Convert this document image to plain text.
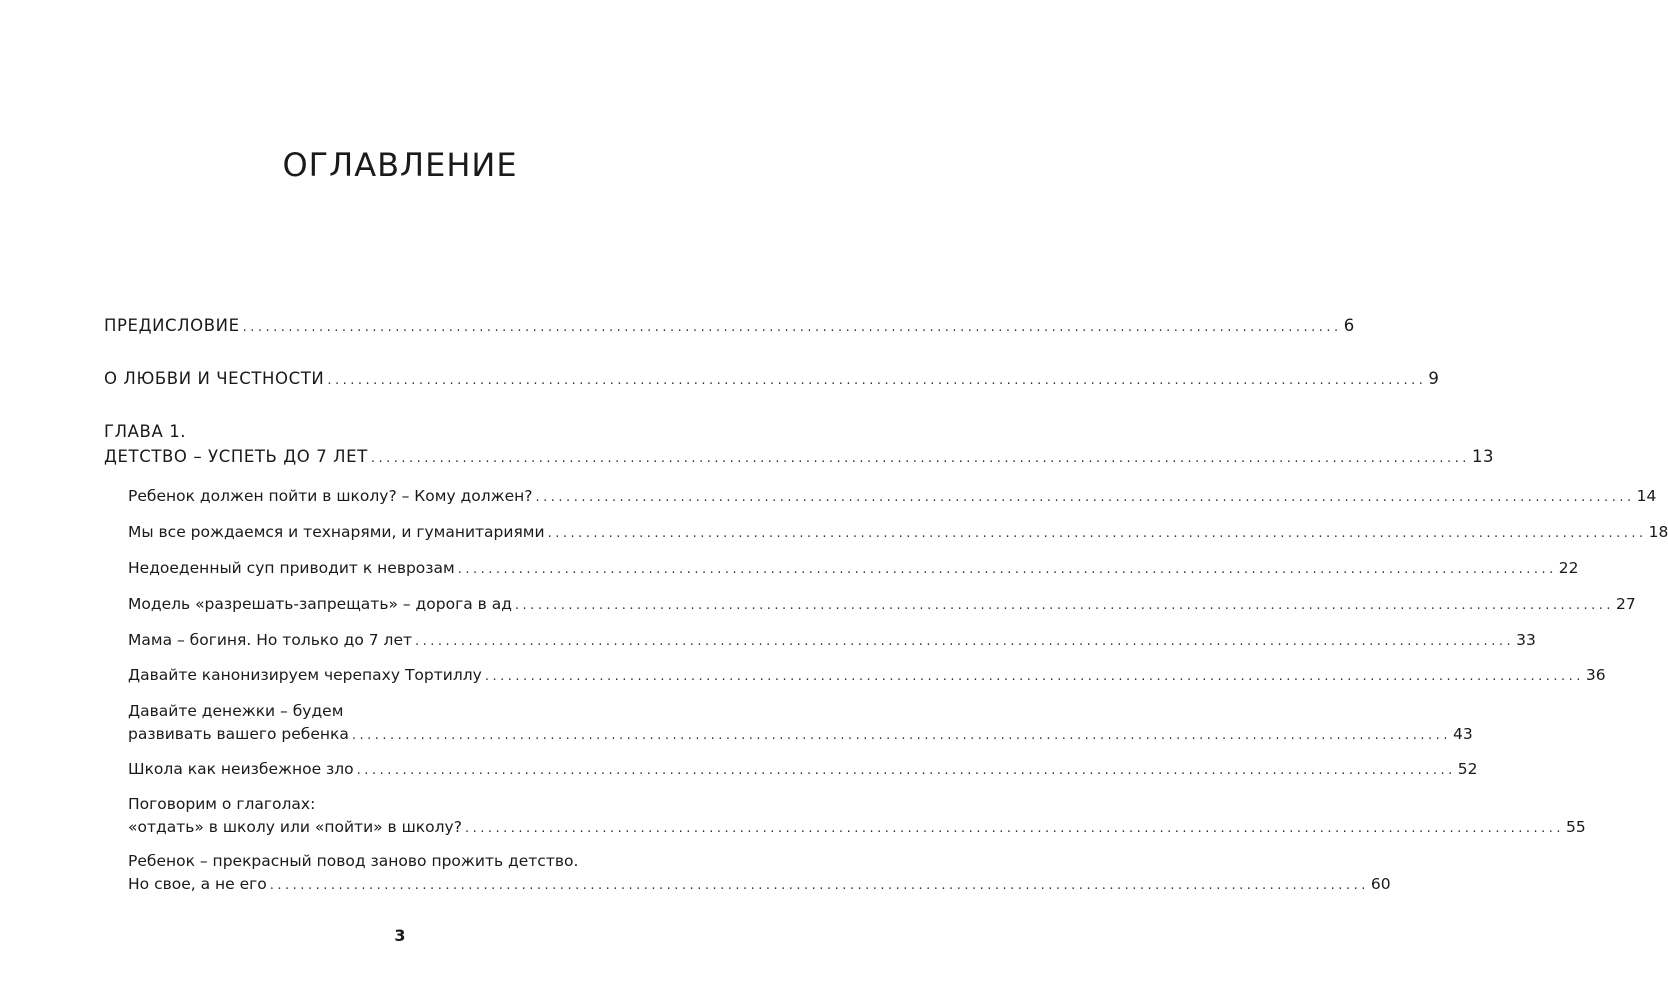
ОГЛАВЛЕНИЕ
ПРЕДИСЛОВИЕ ................................................................................................................................................ 6
О ЛЮБВИ И ЧЕСТНОСТИ ................................................................................................................................................ 9
ГЛАВА 1.
ДЕТСТВО – УСПЕТЬ ДО 7 ЛЕТ ................................................................................................................................................ 13
Ребенок должен пойти в школу? – Кому должен? ................................................................................................................................................ 14
Мы все рождаемся и технарями, и гуманитариями ................................................................................................................................................ 18
Недоеденный суп приводит к неврозам ................................................................................................................................................ 22
Модель «разрешать-запрещать» – дорога в ад ................................................................................................................................................ 27
Мама – богиня. Но только до 7 лет ................................................................................................................................................ 33
Давайте канонизируем черепаху Тортиллу ................................................................................................................................................ 36
Давайте денежки – будем
развивать вашего ребенка ................................................................................................................................................ 43
Школа как неизбежное зло ................................................................................................................................................ 52
Поговорим о глаголах:
«отдать» в школу или «пойти» в школу? ................................................................................................................................................ 55
Ребенок – прекрасный повод заново прожить детство.
Но свое, а не его ................................................................................................................................................ 60
3
